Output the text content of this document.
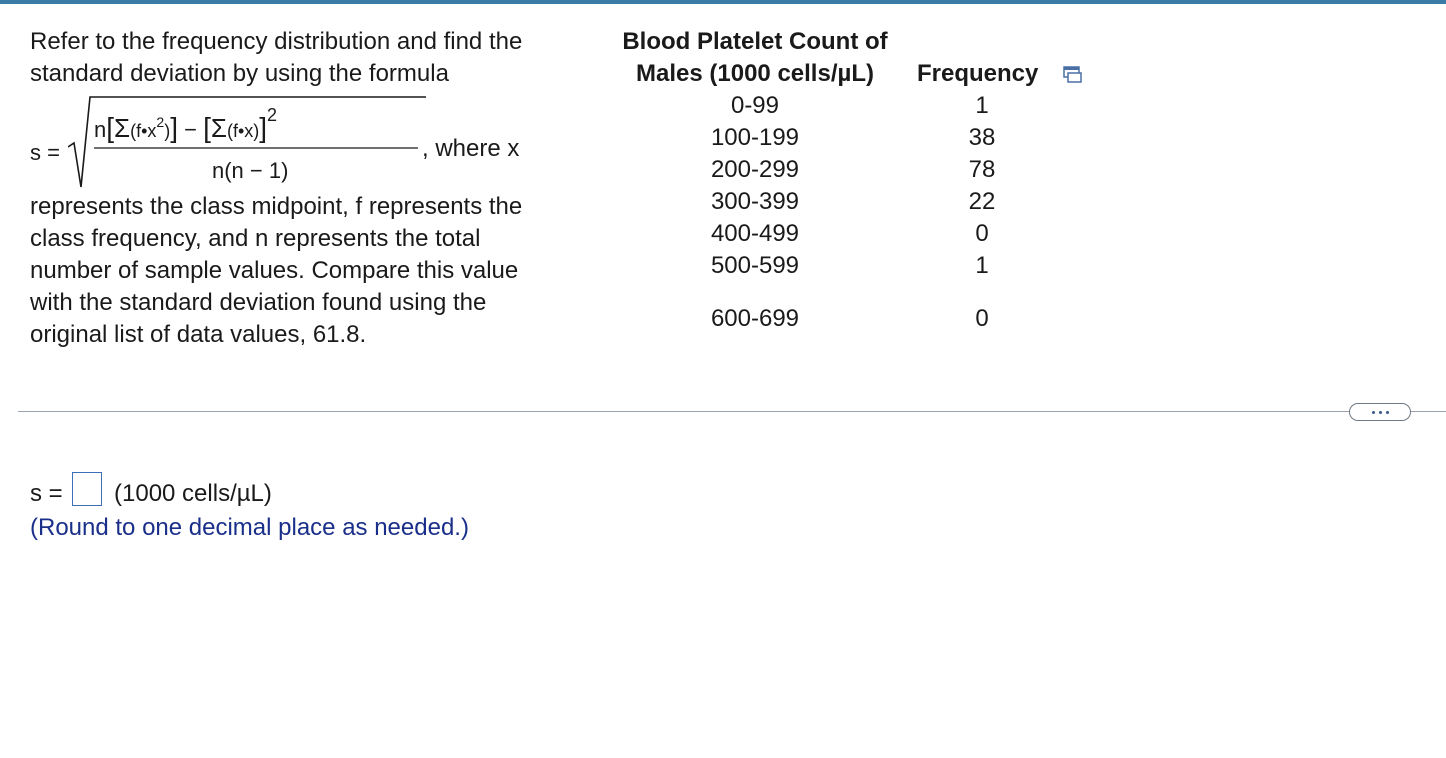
Refer to the frequency distribution and find the
standard deviation by using the formula
s =
$n[\Sigma(f•x^2)]$ − [Σ(f•x)]$^2$
n(n − 1)
, where x
represents the class midpoint, f represents the
class frequency, and n represents the total
number of sample values. Compare this value
with the standard deviation found using the
original list of data values, 61.8.
Blood Platelet Count of
Males (1000 cells/µL)	Frequency
0-99	1
100-199	38
200-299	78
300-399	22
400-499	0
500-599	1
600-699	0
s = (1000 cells/µL)
(Round to one decimal place as needed.)
